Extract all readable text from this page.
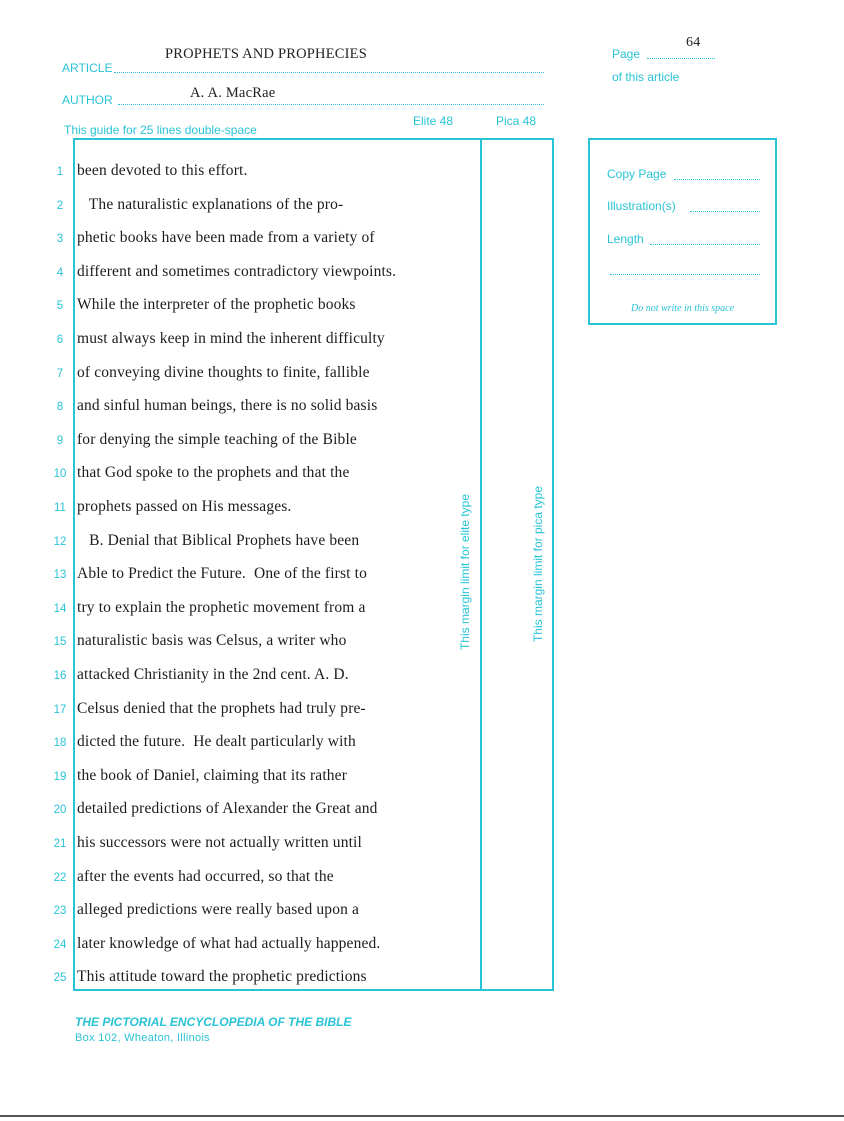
ARTICLE
PROPHETS AND PROPHECIES
AUTHOR	A. A. MacRae
This guide for 25 lines double-space
Elite 48	Pica 48
Page
64
of this article
1 been devoted to this effort.
2 The naturalistic explanations of the pro-
3 phetic books have been made from a variety of
4 different and sometimes contradictory viewpoints.
5 While the interpreter of the prophetic books
6 must always keep in mind the inherent difficulty
7 of conveying divine thoughts to finite, fallible
8 and sinful human beings, there is no solid basis
9 for denying the simple teaching of the Bible
10 that God spoke to the prophets and that the
11 prophets passed on His messages.
12 B. Denial that Biblical Prophets have been
13 Able to Predict the Future.  One of the first to
14 try to explain the prophetic movement from a
15 naturalistic basis was Celsus, a writer who
16 attacked Christianity in the 2nd cent. A. D.
17 Celsus denied that the prophets had truly pre-
18 dicted the future.  He dealt particularly with
19 the book of Daniel, claiming that its rather
20 detailed predictions of Alexander the Great and
21 his successors were not actually written until
22 after the events had occurred, so that the
23 alleged predictions were really based upon a
24 later knowledge of what had actually happened.
25 This attitude toward the prophetic predictions
This margin limit for elite type	This margin limit for pica type
Copy Page
Illustration(s)
Length
Do not write in this space
THE PICTORIAL ENCYCLOPEDIA OF THE BIBLE
Box 102, Wheaton, Illinois
